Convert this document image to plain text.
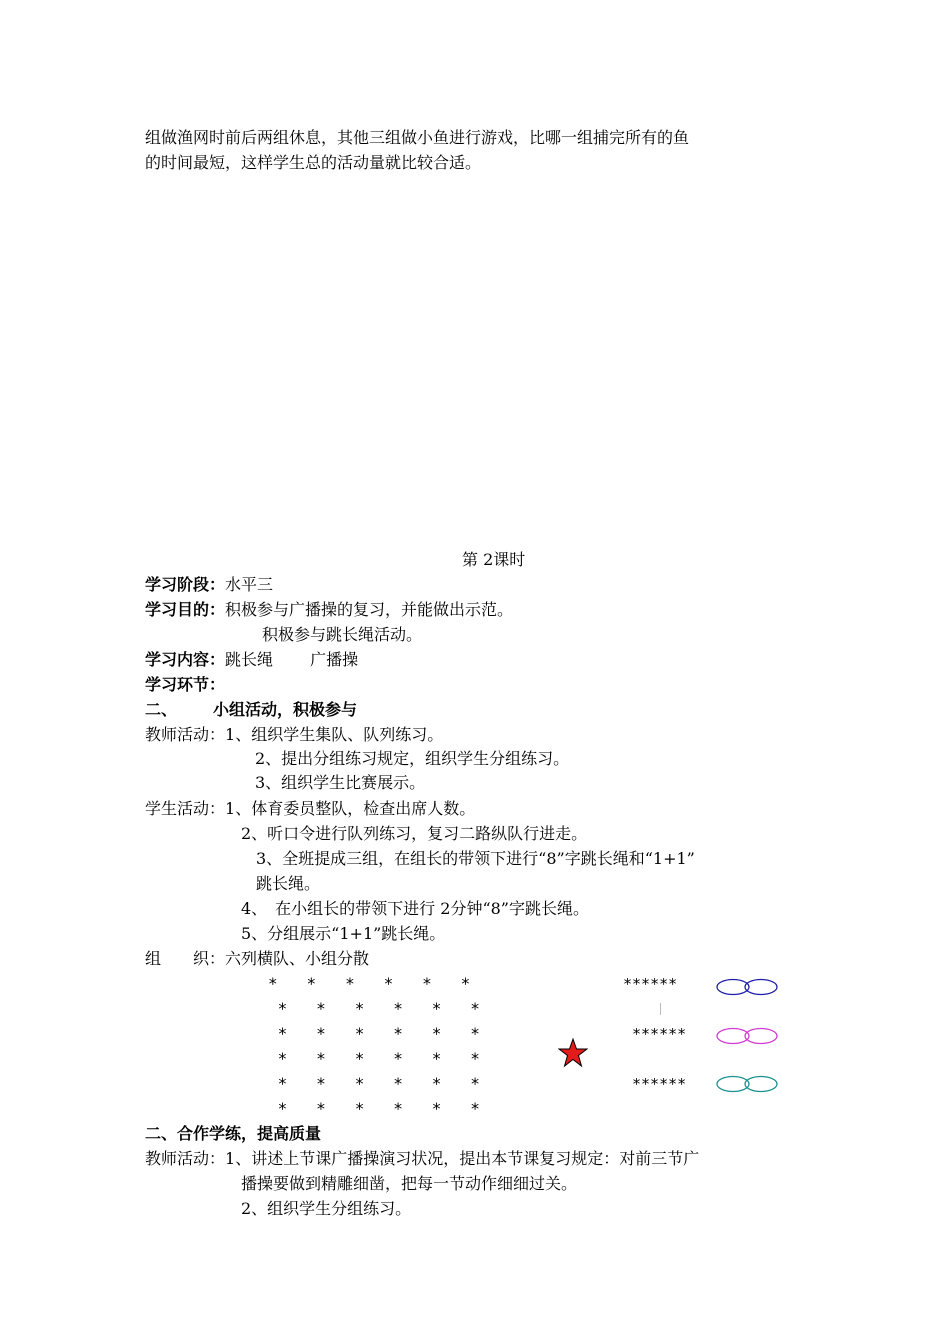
组做渔网时前后两组休息，其他三组做小鱼进行游戏，比哪一组捕完所有的鱼
的时间最短，这样学生总的活动量就比较合适。
第 2课时
学习阶段：水平三
学习目的：积极参与广播操的复习，并能做出示范。
积极参与跳长绳活动。
学习内容：跳长绳　　 广播操
学习环节：
二、 小组活动，积极参与
教师活动：1、组织学生集队、队列练习。
2、提出分组练习规定，组织学生分组练习。
3、组织学生比赛展示。
学生活动：1、体育委员整队，检查出席人数。
2、听口令进行队列练习，复习二路纵队行进走。
3、全班提成三组，在组长的带领下进行“8”字跳长绳和“1+1”
跳长绳。
4、　在小组长的带领下进行 2分钟“8”字跳长绳。
5、分组展示“1+1”跳长绳。
组　　织：六列横队、小组分散
*   *   *   *   *   *
*   *   *   *   *   *
*   *   *   *   *   *
*   *   *   *   *   *
*   *   *   *   *   *
*   *   *   *   *   *
******
******
******
二、合作学练，提高质量
教师活动：1、讲述上节课广播操演习状况，提出本节课复习规定：对前三节广
播操要做到精雕细凿，把每一节动作细细过关。
2、组织学生分组练习。
